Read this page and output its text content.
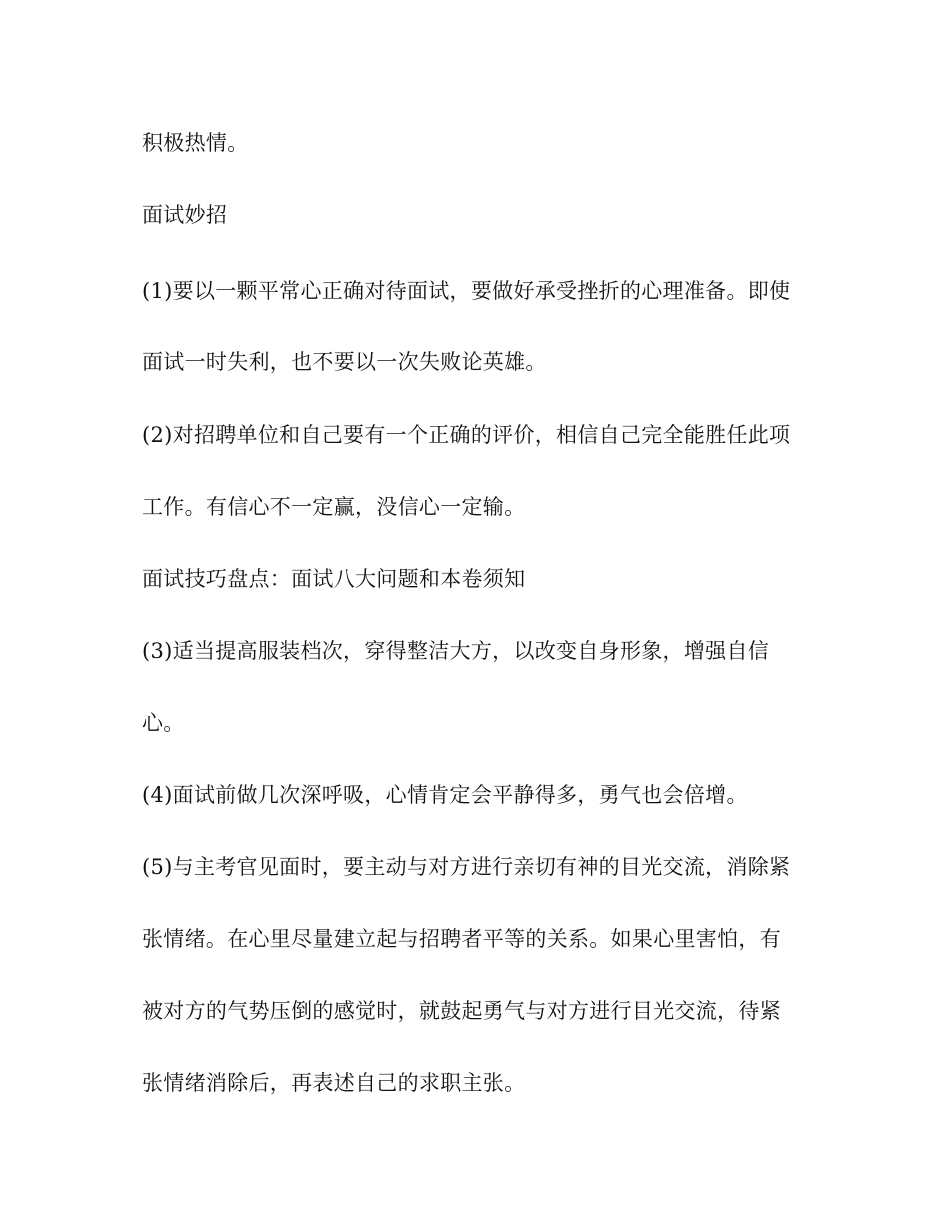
积极热情。

面试妙招

(1)要以一颗平常心正确对待面试，要做好承受挫折的心理准备。即使

面试一时失利，也不要以一次失败论英雄。

(2)对招聘单位和自己要有一个正确的评价，相信自己完全能胜任此项

工作。有信心不一定赢，没信心一定输。

面试技巧盘点：面试八大问题和本卷须知

(3)适当提高服装档次，穿得整洁大方，以改变自身形象，增强自信

心。

(4)面试前做几次深呼吸，心情肯定会平静得多，勇气也会倍增。

(5)与主考官见面时，要主动与对方进行亲切有神的目光交流，消除紧

张情绪。在心里尽量建立起与招聘者平等的关系。如果心里害怕，有

被对方的气势压倒的感觉时，就鼓起勇气与对方进行目光交流，待紧

张情绪消除后，再表述自己的求职主张。
